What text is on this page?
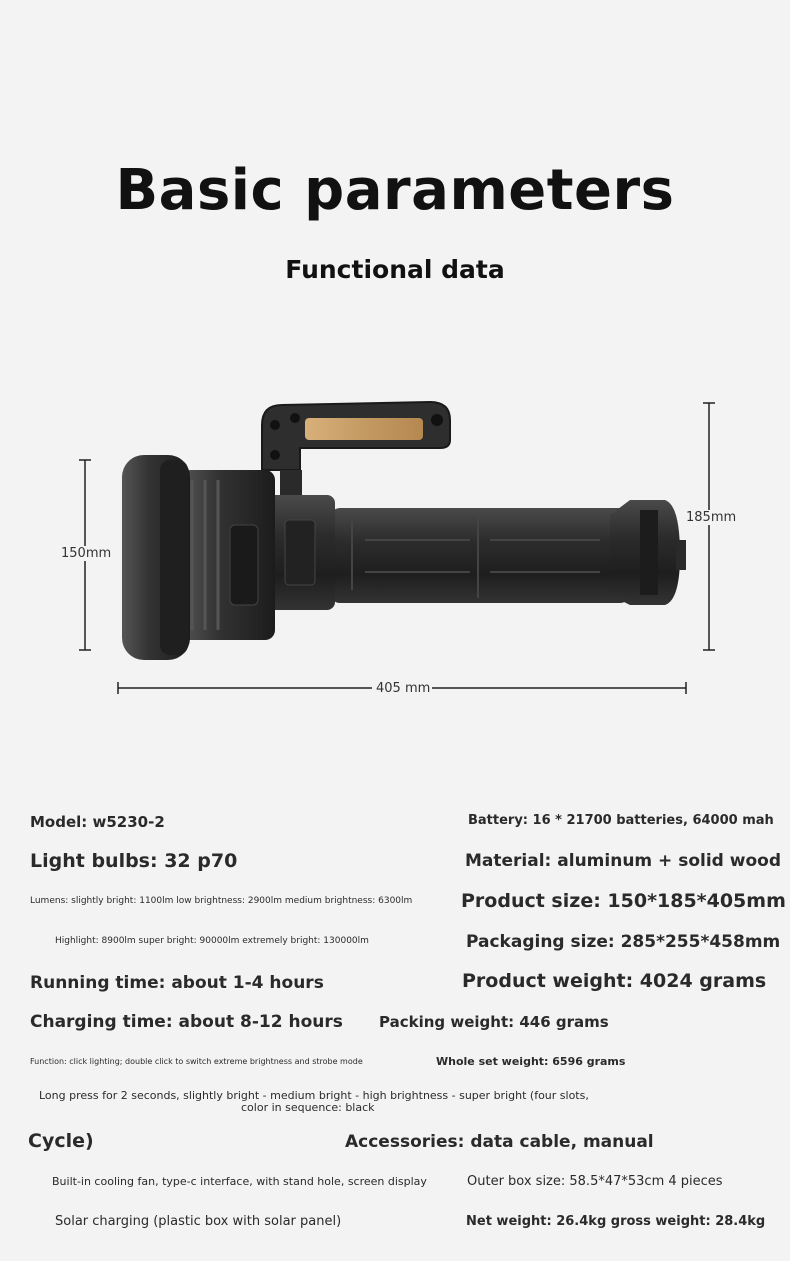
Basic parameters
Functional data
150mm
185mm
405 mm
Model: w5230-2	Battery: 16 * 21700 batteries, 64000 mah
Light bulbs: 32 p70	Material: aluminum + solid wood
Lumens: slightly bright: 1100lm low brightness: 2900lm medium brightness: 6300lm	Product size: 150*185*405mm
Highlight: 8900lm super bright: 90000lm extremely bright: 130000lm	Packaging size: 285*255*458mm
Running time: about 1-4 hours	Product weight: 4024 grams
Charging time: about 8-12 hours Packing weight: 446 grams
Function: click lighting; double click to switch extreme brightness and strobe mode	Whole set weight: 6596 grams
Long press for 2 seconds, slightly bright - medium bright - high brightness - super bright (four slots,
color in sequence: black
Cycle)	Accessories: data cable, manual
Built-in cooling fan, type-c interface, with stand hole, screen display	Outer box size: 58.5*47*53cm 4 pieces
Solar charging (plastic box with solar panel)	Net weight: 26.4kg gross weight: 28.4kg
